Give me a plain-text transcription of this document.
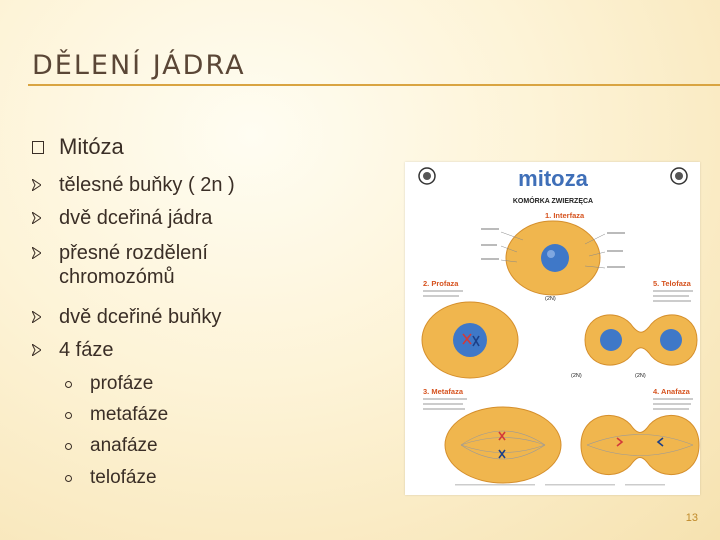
DĚLENÍ JÁDRA
Mitóza
tělesné buňky ( 2n )
dvě dceřiná jádra
přesné rozdělení chromozómů
dvě dceřiné buňky
4 fáze
profáze
metafáze
anafáze
telofáze
mitoza
KOMÓRKA ZWIERZĘCA
1. Interfaza
2. Profaza
(2N)
5. Telofaza
(2N)	(2N)
3. Metafaza	4. Anafaza
13
